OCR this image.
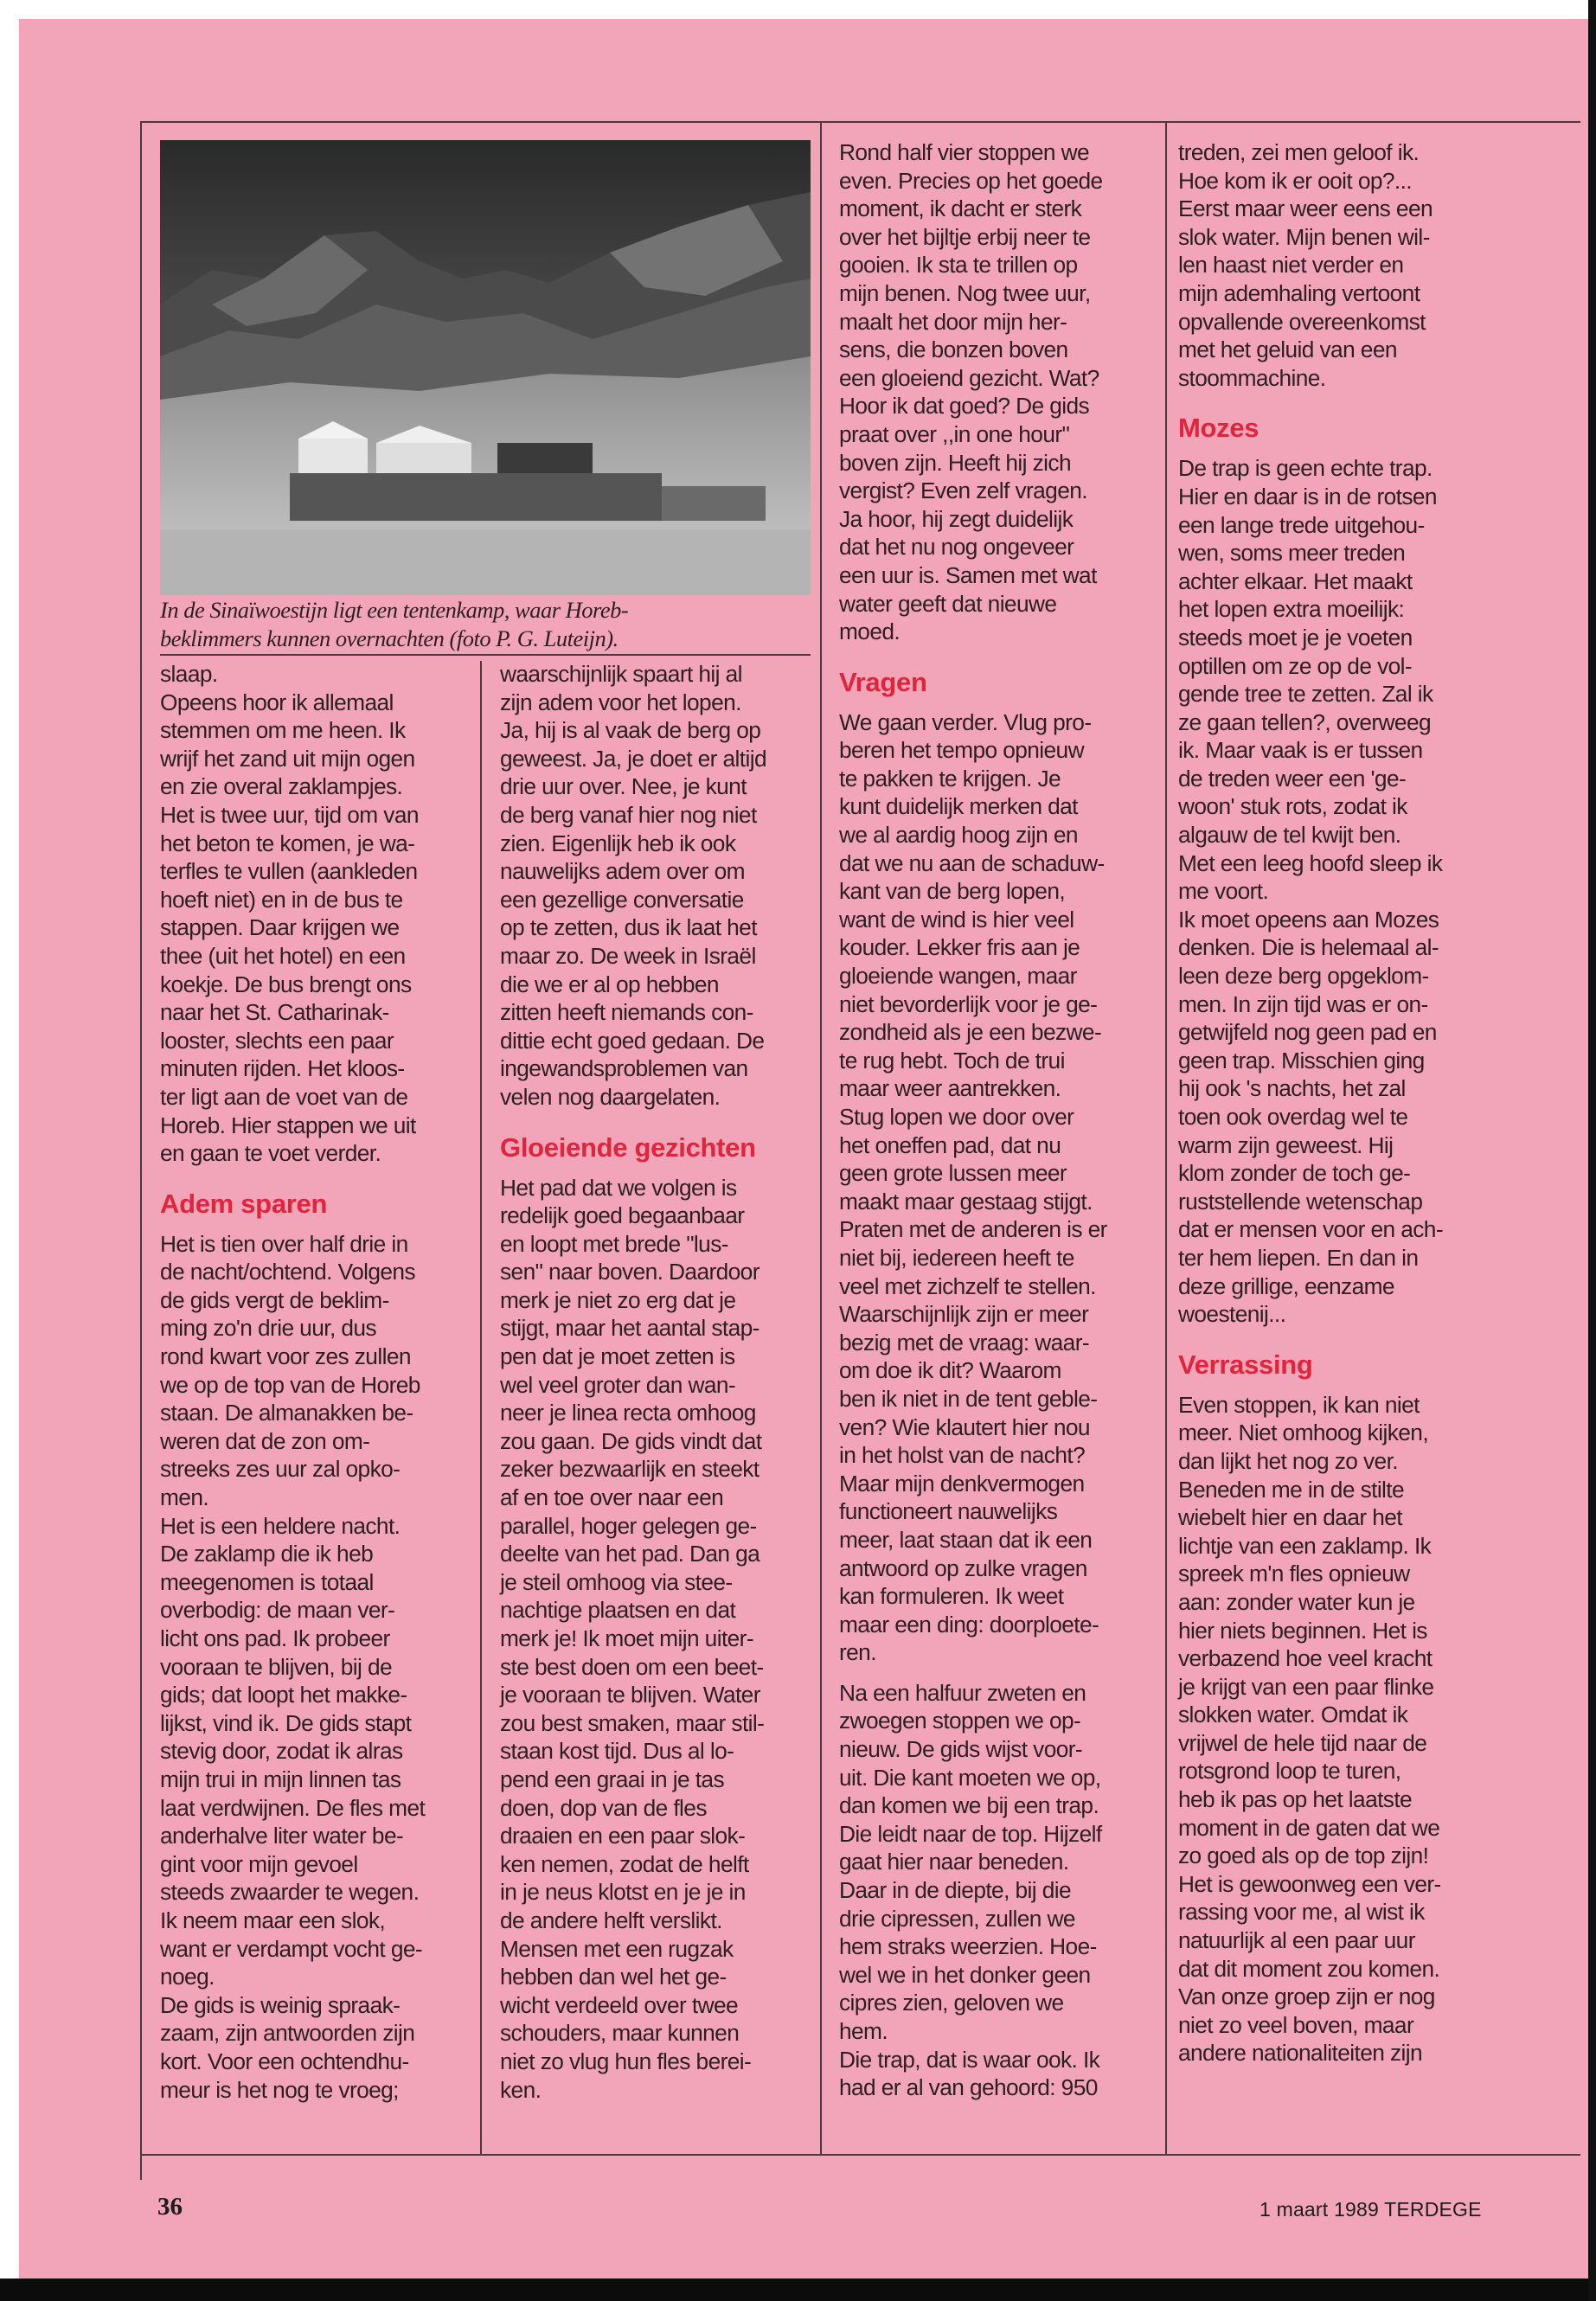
In de Sinaïwoestijn ligt een tentenkamp, waar Horeb-
beklimmers kunnen overnachten (foto P. G. Luteijn).

slaap.
Opeens hoor ik allemaal
stemmen om me heen. Ik
wrijf het zand uit mijn ogen
en zie overal zaklampjes.
Het is twee uur, tijd om van
het beton te komen, je wa-
terfles te vullen (aankleden
hoeft niet) en in de bus te
stappen. Daar krijgen we
thee (uit het hotel) en een
koekje. De bus brengt ons
naar het St. Catharinak-
looster, slechts een paar
minuten rijden. Het kloos-
ter ligt aan de voet van de
Horeb. Hier stappen we uit
en gaan te voet verder.

Adem sparen

Het is tien over half drie in
de nacht/ochtend. Volgens
de gids vergt de beklim-
ming zo'n drie uur, dus
rond kwart voor zes zullen
we op de top van de Horeb
staan. De almanakken be-
weren dat de zon om-
streeks zes uur zal opko-
men.
Het is een heldere nacht.
De zaklamp die ik heb
meegenomen is totaal
overbodig: de maan ver-
licht ons pad. Ik probeer
vooraan te blijven, bij de
gids; dat loopt het makke-
lijkst, vind ik. De gids stapt
stevig door, zodat ik alras
mijn trui in mijn linnen tas
laat verdwijnen. De fles met
anderhalve liter water be-
gint voor mijn gevoel
steeds zwaarder te wegen.
Ik neem maar een slok,
want er verdampt vocht ge-
noeg.
De gids is weinig spraak-
zaam, zijn antwoorden zijn
kort. Voor een ochtendhu-
meur is het nog te vroeg;

waarschijnlijk spaart hij al
zijn adem voor het lopen.
Ja, hij is al vaak de berg op
geweest. Ja, je doet er altijd
drie uur over. Nee, je kunt
de berg vanaf hier nog niet
zien. Eigenlijk heb ik ook
nauwelijks adem over om
een gezellige conversatie
op te zetten, dus ik laat het
maar zo. De week in Israël
die we er al op hebben
zitten heeft niemands con-
dittie echt goed gedaan. De
ingewandsproblemen van
velen nog daargelaten.

Gloeiende gezichten

Het pad dat we volgen is
redelijk goed begaanbaar
en loopt met brede "lus-
sen" naar boven. Daardoor
merk je niet zo erg dat je
stijgt, maar het aantal stap-
pen dat je moet zetten is
wel veel groter dan wan-
neer je linea recta omhoog
zou gaan. De gids vindt dat
zeker bezwaarlijk en steekt
af en toe over naar een
parallel, hoger gelegen ge-
deelte van het pad. Dan ga
je steil omhoog via stee-
nachtige plaatsen en dat
merk je! Ik moet mijn uiter-
ste best doen om een beet-
je vooraan te blijven. Water
zou best smaken, maar stil-
staan kost tijd. Dus al lo-
pend een graai in je tas
doen, dop van de fles
draaien en een paar slok-
ken nemen, zodat de helft
in je neus klotst en je je in
de andere helft verslikt.
Mensen met een rugzak
hebben dan wel het ge-
wicht verdeeld over twee
schouders, maar kunnen
niet zo vlug hun fles berei-
ken.

Rond half vier stoppen we
even. Precies op het goede
moment, ik dacht er sterk
over het bijltje erbij neer te
gooien. Ik sta te trillen op
mijn benen. Nog twee uur,
maalt het door mijn her-
sens, die bonzen boven
een gloeiend gezicht. Wat?
Hoor ik dat goed? De gids
praat over ,,in one hour"
boven zijn. Heeft hij zich
vergist? Even zelf vragen.
Ja hoor, hij zegt duidelijk
dat het nu nog ongeveer
een uur is. Samen met wat
water geeft dat nieuwe
moed.

Vragen

We gaan verder. Vlug pro-
beren het tempo opnieuw
te pakken te krijgen. Je
kunt duidelijk merken dat
we al aardig hoog zijn en
dat we nu aan de schaduw-
kant van de berg lopen,
want de wind is hier veel
kouder. Lekker fris aan je
gloeiende wangen, maar
niet bevorderlijk voor je ge-
zondheid als je een bezwe-
te rug hebt. Toch de trui
maar weer aantrekken.
Stug lopen we door over
het oneffen pad, dat nu
geen grote lussen meer
maakt maar gestaag stijgt.
Praten met de anderen is er
niet bij, iedereen heeft te
veel met zichzelf te stellen.
Waarschijnlijk zijn er meer
bezig met de vraag: waar-
om doe ik dit? Waarom
ben ik niet in de tent geble-
ven? Wie klautert hier nou
in het holst van de nacht?
Maar mijn denkvermogen
functioneert nauwelijks
meer, laat staan dat ik een
antwoord op zulke vragen
kan formuleren. Ik weet
maar een ding: doorploete-
ren.

Na een halfuur zweten en
zwoegen stoppen we op-
nieuw. De gids wijst voor-
uit. Die kant moeten we op,
dan komen we bij een trap.
Die leidt naar de top. Hijzelf
gaat hier naar beneden.
Daar in de diepte, bij die
drie cipressen, zullen we
hem straks weerzien. Hoe-
wel we in het donker geen
cipres zien, geloven we
hem.
Die trap, dat is waar ook. Ik
had er al van gehoord: 950

treden, zei men geloof ik.
Hoe kom ik er ooit op?...
Eerst maar weer eens een
slok water. Mijn benen wil-
len haast niet verder en
mijn ademhaling vertoont
opvallende overeenkomst
met het geluid van een
stoommachine.

Mozes

De trap is geen echte trap.
Hier en daar is in de rotsen
een lange trede uitgehou-
wen, soms meer treden
achter elkaar. Het maakt
het lopen extra moeilijk:
steeds moet je je voeten
optillen om ze op de vol-
gende tree te zetten. Zal ik
ze gaan tellen?, overweeg
ik. Maar vaak is er tussen
de treden weer een 'ge-
woon' stuk rots, zodat ik
algauw de tel kwijt ben.
Met een leeg hoofd sleep ik
me voort.
Ik moet opeens aan Mozes
denken. Die is helemaal al-
leen deze berg opgeklom-
men. In zijn tijd was er on-
getwijfeld nog geen pad en
geen trap. Misschien ging
hij ook 's nachts, het zal
toen ook overdag wel te
warm zijn geweest. Hij
klom zonder de toch ge-
ruststellende wetenschap
dat er mensen voor en ach-
ter hem liepen. En dan in
deze grillige, eenzame
woestenij...

Verrassing

Even stoppen, ik kan niet
meer. Niet omhoog kijken,
dan lijkt het nog zo ver.
Beneden me in de stilte
wiebelt hier en daar het
lichtje van een zaklamp. Ik
spreek m'n fles opnieuw
aan: zonder water kun je
hier niets beginnen. Het is
verbazend hoe veel kracht
je krijgt van een paar flinke
slokken water. Omdat ik
vrijwel de hele tijd naar de
rotsgrond loop te turen,
heb ik pas op het laatste
moment in de gaten dat we
zo goed als op de top zijn!
Het is gewoonweg een ver-
rassing voor me, al wist ik
natuurlijk al een paar uur
dat dit moment zou komen.
Van onze groep zijn er nog
niet zo veel boven, maar
andere nationaliteiten zijn

36	1 maart 1989 TERDEGE
